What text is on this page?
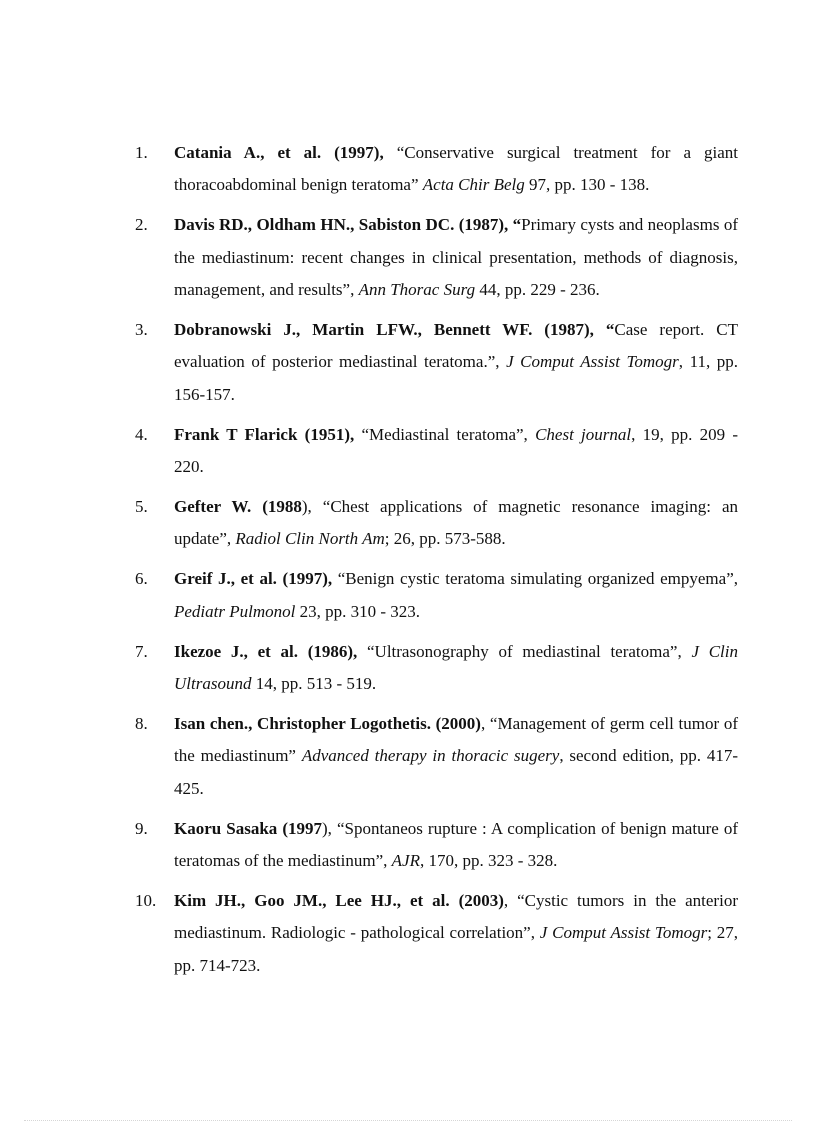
1. Catania A., et al. (1997), “Conservative surgical treatment for a giant thoracoabdominal benign teratoma” Acta Chir Belg 97, pp. 130 - 138.
2. Davis RD., Oldham HN., Sabiston DC. (1987), “Primary cysts and neoplasms of the mediastinum: recent changes in clinical presentation, methods of diagnosis, management, and results”, Ann Thorac Surg 44, pp. 229 - 236.
3. Dobranowski J., Martin LFW., Bennett WF. (1987), “Case report. CT evaluation of posterior mediastinal teratoma.”, J Comput Assist Tomogr, 11, pp. 156-157.
4. Frank T Flarick (1951), “Mediastinal teratoma”, Chest journal, 19, pp. 209 - 220.
5. Gefter W. (1988), “Chest applications of magnetic resonance imaging: an update”, Radiol Clin North Am; 26, pp. 573-588.
6. Greif J., et al. (1997), “Benign cystic teratoma simulating organized empyema”, Pediatr Pulmonol 23, pp. 310 - 323.
7. Ikezoe J., et al. (1986), “Ultrasonography of mediastinal teratoma”, J Clin Ultrasound 14, pp. 513 - 519.
8. Isan chen., Christopher Logothetis. (2000), “Management of germ cell tumor of the mediastinum” Advanced therapy in thoracic sugery, second edition, pp. 417- 425.
9. Kaoru Sasaka (1997), “Spontaneos rupture : A complication of benign mature of teratomas of the mediastinum”, AJR, 170, pp. 323 - 328.
10. Kim JH., Goo JM., Lee HJ., et al. (2003), “Cystic tumors in the anterior mediastinum. Radiologic - pathological correlation”, J Comput Assist Tomogr; 27, pp. 714-723.
